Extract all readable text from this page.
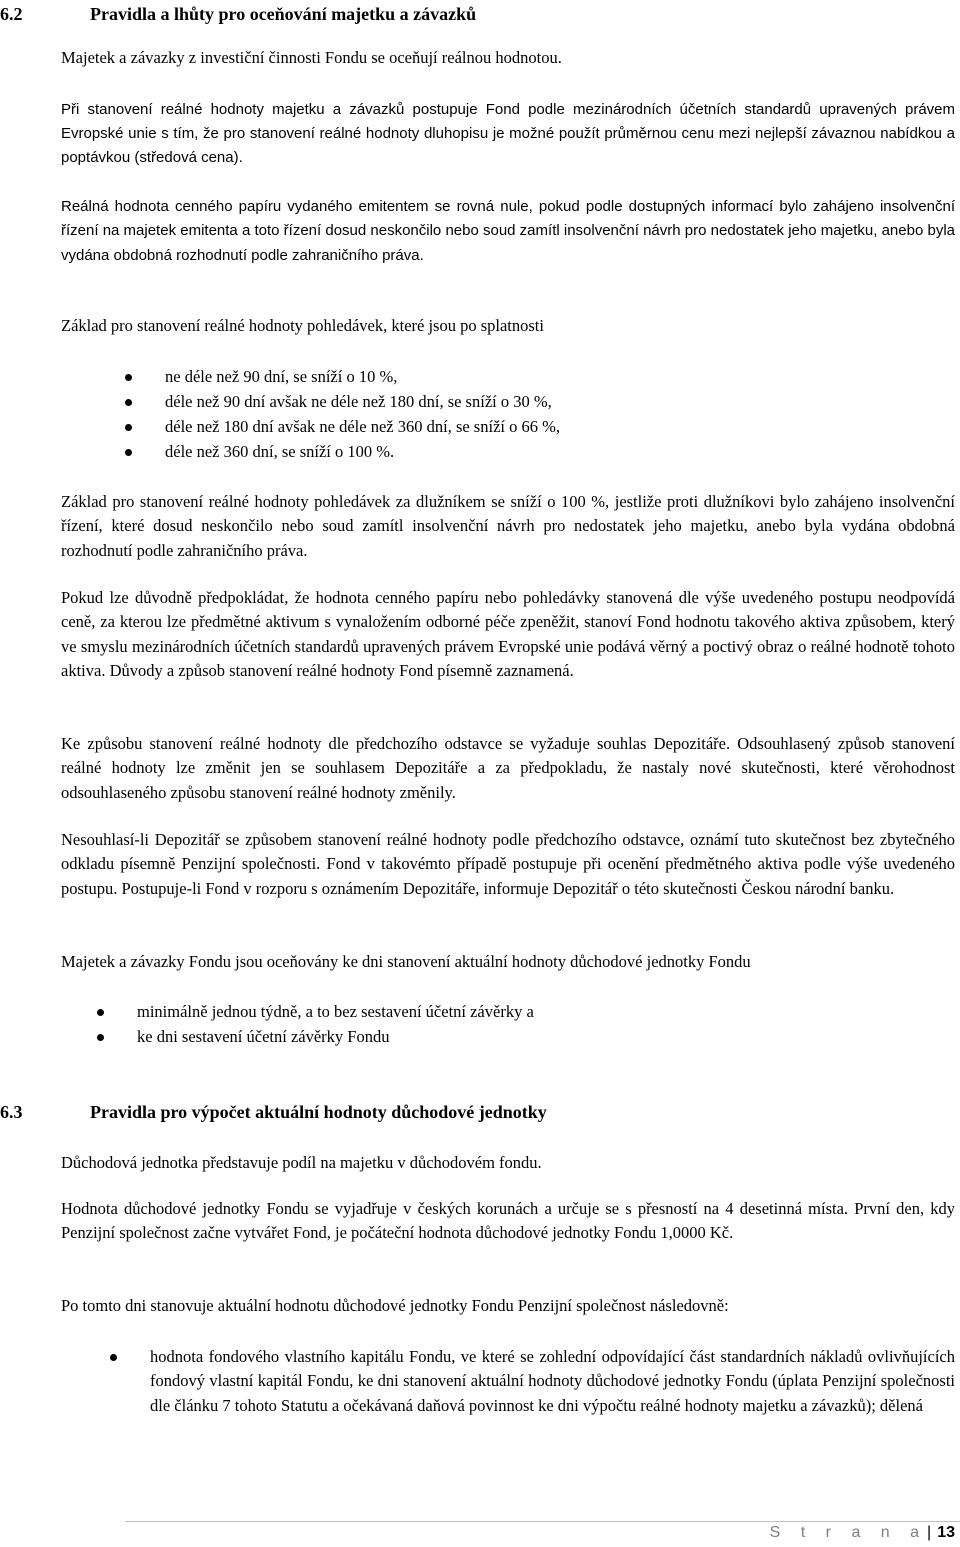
6.2	Pravidla a lhůty pro oceňování majetku a závazků
Majetek a závazky z investiční činnosti Fondu se oceňují reálnou hodnotou.
Při stanovení reálné hodnoty majetku a závazků postupuje Fond podle mezinárodních účetních standardů upravených právem Evropské unie s tím, že pro stanovení reálné hodnoty dluhopisu je možné použít průměrnou cenu mezi nejlepší závaznou nabídkou a poptávkou (středová cena).
Reálná hodnota cenného papíru vydaného emitentem se rovná nule, pokud podle dostupných informací bylo zahájeno insolvenční řízení na majetek emitenta a toto řízení dosud neskončilo nebo soud zamítl insolvenční návrh pro nedostatek jeho majetku, anebo byla vydána obdobná rozhodnutí podle zahraničního práva.
Základ pro stanovení reálné hodnoty pohledávek, které jsou po splatnosti
ne déle než 90 dní, se sníží o 10 %,
déle než 90 dní avšak ne déle než 180 dní, se sníží o 30 %,
déle než 180 dní avšak ne déle než 360 dní, se sníží o 66 %,
déle než 360 dní, se sníží o 100 %.
Základ pro stanovení reálné hodnoty pohledávek za dlužníkem se sníží o 100 %, jestliže proti dlužníkovi bylo zahájeno insolvenční řízení, které dosud neskončilo nebo soud zamítl insolvenční návrh pro nedostatek jeho majetku, anebo byla vydána obdobná rozhodnutí podle zahraničního práva.
Pokud lze důvodně předpokládat, že hodnota cenného papíru nebo pohledávky stanovená dle výše uvedeného postupu neodpovídá ceně, za kterou lze předmětné aktivum s vynaložením odborné péče zpeněžit, stanoví Fond hodnotu takového aktiva způsobem, který ve smyslu mezinárodních účetních standardů upravených právem Evropské unie podává věrný a poctivý obraz o reálné hodnotě tohoto aktiva. Důvody a způsob stanovení reálné hodnoty Fond písemně zaznamená.
Ke způsobu stanovení reálné hodnoty dle předchozího odstavce se vyžaduje souhlas Depozitáře. Odsouhlasený způsob stanovení reálné hodnoty lze změnit jen se souhlasem Depozitáře a za předpokladu, že nastaly nové skutečnosti, které věrohodnost odsouhlaseného způsobu stanovení reálné hodnoty změnily.
Nesouhlasí-li Depozitář se způsobem stanovení reálné hodnoty podle předchozího odstavce, oznámí tuto skutečnost bez zbytečného odkladu písemně Penzijní společnosti. Fond v takovémto případě postupuje při ocenění předmětného aktiva podle výše uvedeného postupu. Postupuje-li Fond v rozporu s oznámením Depozitáře, informuje Depozitář o této skutečnosti Českou národní banku.
Majetek a závazky Fondu jsou oceňovány ke dni stanovení aktuální hodnoty důchodové jednotky Fondu
minimálně jednou týdně, a to bez sestavení účetní závěrky a
ke dni sestavení účetní závěrky Fondu
6.3	Pravidla pro výpočet aktuální hodnoty důchodové jednotky
Důchodová jednotka představuje podíl na majetku v důchodovém fondu.
Hodnota důchodové jednotky Fondu se vyjadřuje v českých korunách a určuje se s přesností na 4 desetinná místa. První den, kdy Penzijní společnost začne vytvářet Fond, je počáteční hodnota důchodové jednotky Fondu 1,0000 Kč.
Po tomto dni stanovuje aktuální hodnotu důchodové jednotky Fondu Penzijní společnost následovně:
hodnota fondového vlastního kapitálu Fondu, ve které se zohlední odpovídající část standardních nákladů ovlivňujících fondový vlastní kapitál Fondu, ke dni stanovení aktuální hodnoty důchodové jednotky Fondu (úplata Penzijní společnosti dle článku 7 tohoto Statutu a očekávaná daňová povinnost ke dni výpočtu reálné hodnoty majetku a závazků); dělená
S t r a n a | 13
